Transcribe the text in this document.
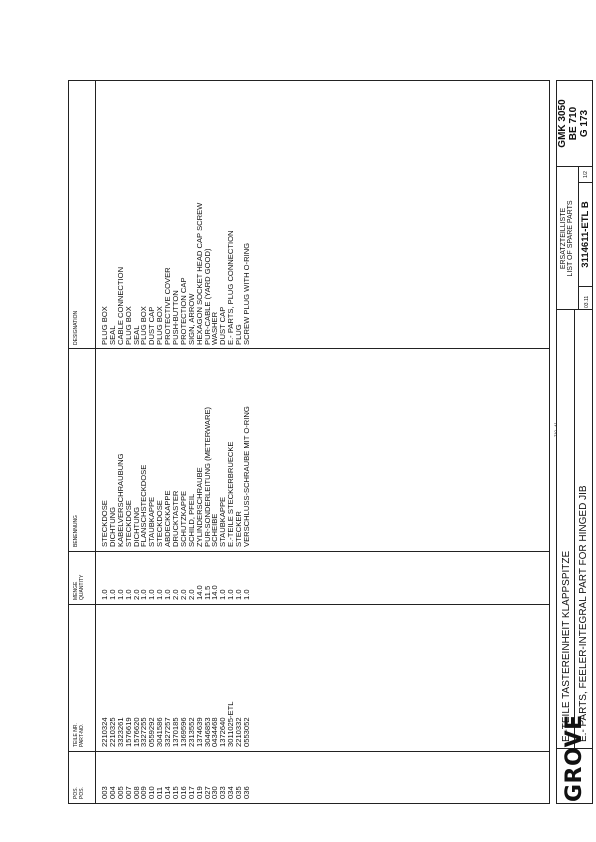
POS. POS.
TEILE NR. PART-NO.
MENGE QUANTITY
BENENNUNG
DESIGNATION
003
004
005
007
008
009
010
011
014
015
016
017
019
027
030
033
034
035
036
2210324
2210325
3323261
1576619
1576620
3327255
0559292
3041586
3327257
1370185
1369596
2313552
1374639
3046853
0434468
1372640
3011025-ETL
2210332
0553052
1.0
1.0
1.0
1.0
2.0
1.0
1.0
1.0
1.0
2.0
2.0
2.0
14.0
11.5
14.0
1.0
1.0
1.0
1.0
STECKDOSE
DICHTUNG
KABELVERSCHRAUBUNG
STECKDOSE
DICHTUNG
FLANSCHSTECKDOSE
STAUBKAPPE
STECKDOSE
ABDECKKAPPE
DRUCKTASTER
SCHUTZKAPPE
SCHILD, PFEIL
ZYLINDERSCHRAUBE
PUR-SONDERLEITUNG (METERWARE)
SCHEIBE
STAUBKAPPE
E.-TEILE STECKERBRUECKE
STECKER
VERSCHLUSS-SCHRAUBE MIT O-RING
PLUG BOX
SEAL
CABLE CONNECTION
PLUG BOX
SEAL
PLUG BOX
DUST CAP
PLUG BOX
PROTECTIVE COVER
PUSH-BUTTON
PROTECTION CAP
SIGN, ARROW
HEXAGON SOCKET HEAD CAP SCREW
PUR-CABLE (YARD GOOD)
WASHER
DUST CAP
E.- PARTS, PLUG CONNECTION
PLUG
SCREW PLUG WITH O-RING
710 - 41
GROVE
E.-TEILE TASTEREINHEIT KLAPPSPITZE E.- PARTS, FEELER-INTEGRAL PART FOR HINGED JIB
ERSATZTEILLISTE LIST OF SPARE PARTS
03.11
3114611-ETL B
1/2
GMK 3050 BE 710 G 173
